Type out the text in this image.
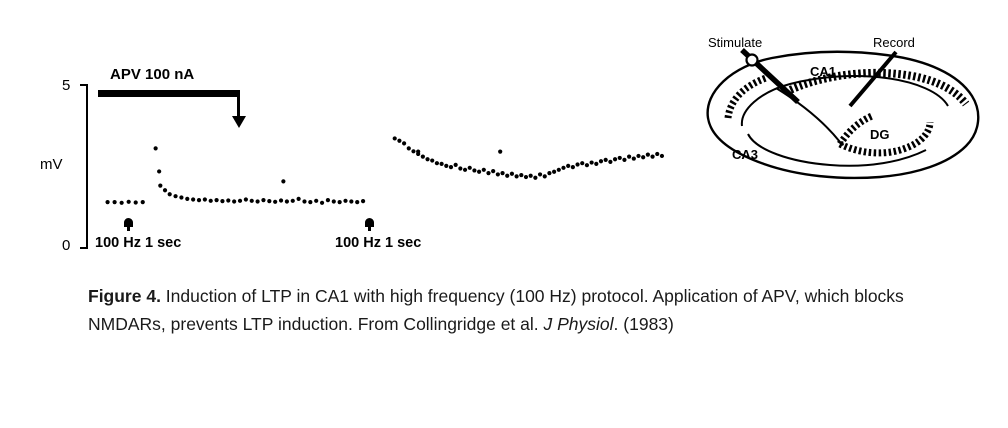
5
0
mV
APV 100 nA
100 Hz 1 sec	100 Hz 1 sec
Stimulate	Record
CA1
DG
CA3
Figure 4. Induction of LTP in CA1 with high frequency (100 Hz) protocol. Application of APV, which blocks NMDARs, prevents LTP induction. From Collingridge et al. J Physiol. (1983)
